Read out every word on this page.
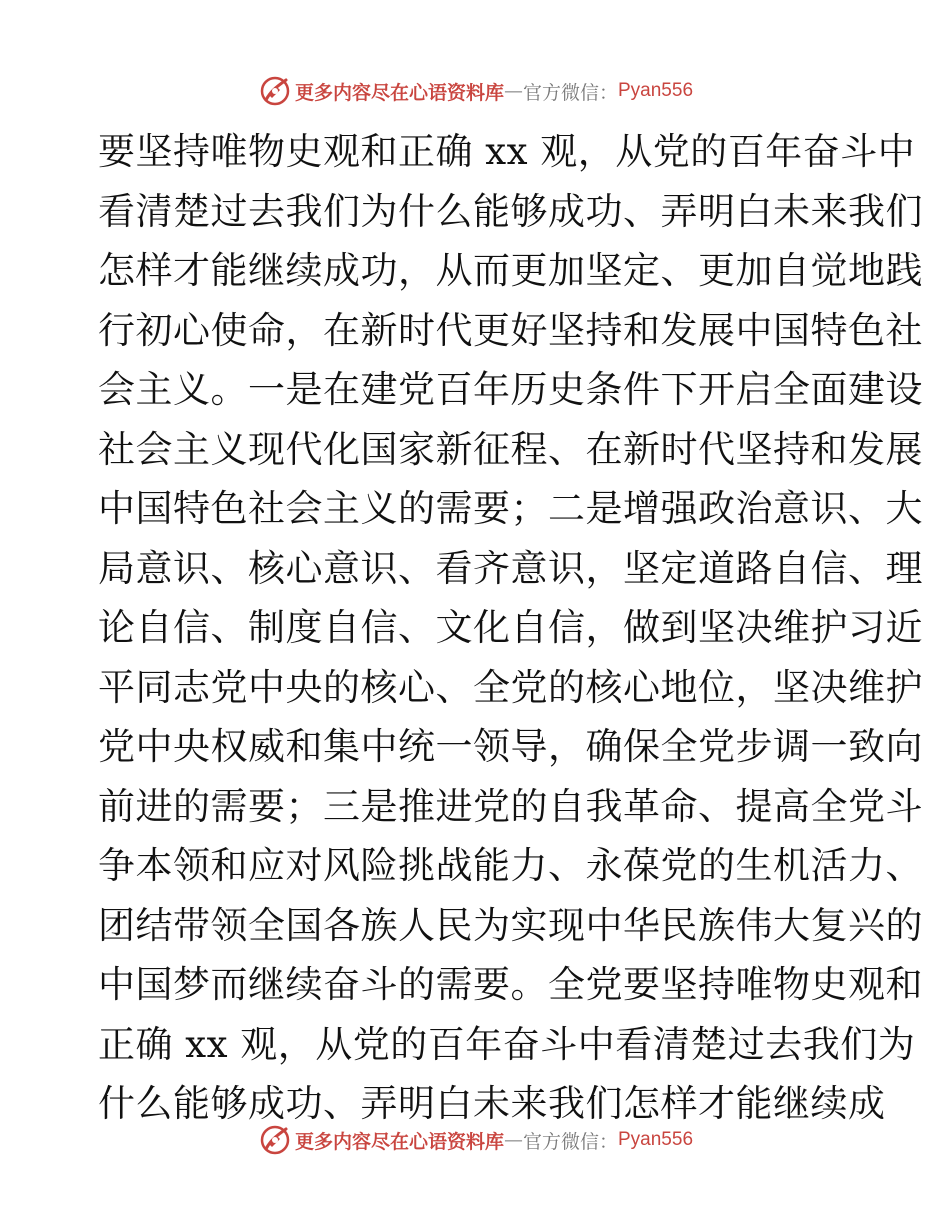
更多内容尽在心语资料库 — 官方微信： Pyan556
要坚持唯物史观和正确 xx 观，从党的百年奋斗中
看清楚过去我们为什么能够成功、弄明白未来我们
怎样才能继续成功，从而更加坚定、更加自觉地践
行初心使命，在新时代更好坚持和发展中国特色社
会主义。一是在建党百年历史条件下开启全面建设
社会主义现代化国家新征程、在新时代坚持和发展
中国特色社会主义的需要；二是增强政治意识、大
局意识、核心意识、看齐意识，坚定道路自信、理
论自信、制度自信、文化自信，做到坚决维护习近
平同志党中央的核心、全党的核心地位，坚决维护
党中央权威和集中统一领导，确保全党步调一致向
前进的需要；三是推进党的自我革命、提高全党斗
争本领和应对风险挑战能力、永葆党的生机活力、
团结带领全国各族人民为实现中华民族伟大复兴的
中国梦而继续奋斗的需要。全党要坚持唯物史观和
正确 xx 观，从党的百年奋斗中看清楚过去我们为
什么能够成功、弄明白未来我们怎样才能继续成
更多内容尽在心语资料库 — 官方微信： Pyan556
